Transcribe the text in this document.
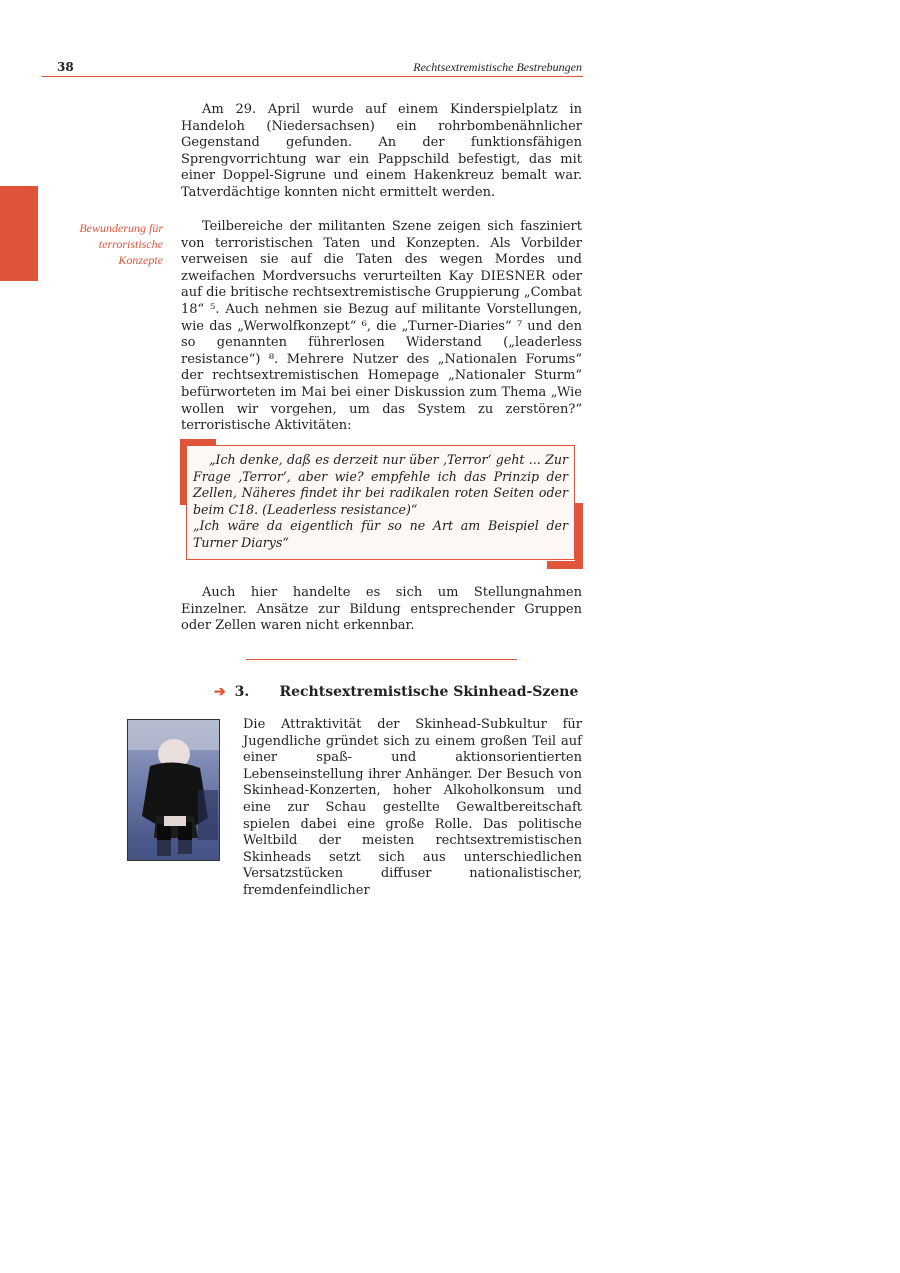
38	Rechtsextremistische Bestrebungen
Bewunderung für
terroristische
Konzepte

Am 29. April wurde auf einem Kinderspielplatz in Handeloh (Niedersachsen) ein rohrbombenähnlicher Gegenstand gefunden. An der funktionsfähigen Sprengvorrichtung war ein Pappschild befestigt, das mit einer Doppel-Sigrune und einem Hakenkreuz bemalt war. Tatverdächtige konnten nicht ermittelt werden.

Teilbereiche der militanten Szene zeigen sich fasziniert von terroristischen Taten und Konzepten. Als Vorbilder verweisen sie auf die Taten des wegen Mordes und zweifachen Mordversuchs verurteilten Kay DIESNER oder auf die britische rechtsextremistische Gruppierung „Combat 18“ ⁵. Auch nehmen sie Bezug auf militante Vorstellungen, wie das „Werwolfkonzept“ ⁶, die „Turner-Diaries“ ⁷ und den so genannten führerlosen Widerstand („leaderless resistance“) ⁸. Mehrere Nutzer des „Nationalen Forums“ der rechtsextremistischen Homepage „Nationaler Sturm“ befürworteten im Mai bei einer Diskussion zum Thema „Wie wollen wir vorgehen, um das System zu zerstören?“ terroristische Aktivitäten:

„Ich denke, daß es derzeit nur über ‚Terror‘ geht ... Zur Frage ‚Terror‘, aber wie? empfehle ich das Prinzip der Zellen, Näheres findet ihr bei radikalen roten Seiten oder beim C18. (Leaderless resistance)“

„Ich wäre da eigentlich für so ne Art am Beispiel der Turner Diarys“

Auch hier handelte es sich um Stellungnahmen Einzelner. Ansätze zur Bildung entsprechender Gruppen oder Zellen waren nicht erkennbar.

➔ 3. Rechtsextremistische Skinhead-Szene

Die Attraktivität der Skinhead-Subkultur für Jugendliche gründet sich zu einem großen Teil auf einer spaß- und aktionsorientierten Lebenseinstellung ihrer Anhänger. Der Besuch von Skinhead-Konzerten, hoher Alkoholkonsum und eine zur Schau gestellte Gewaltbereitschaft spielen dabei eine große Rolle. Das politische Weltbild der meisten rechtsextremistischen Skinheads setzt sich aus unterschiedlichen Versatzstücken diffuser nationalistischer, fremdenfeindlicher
